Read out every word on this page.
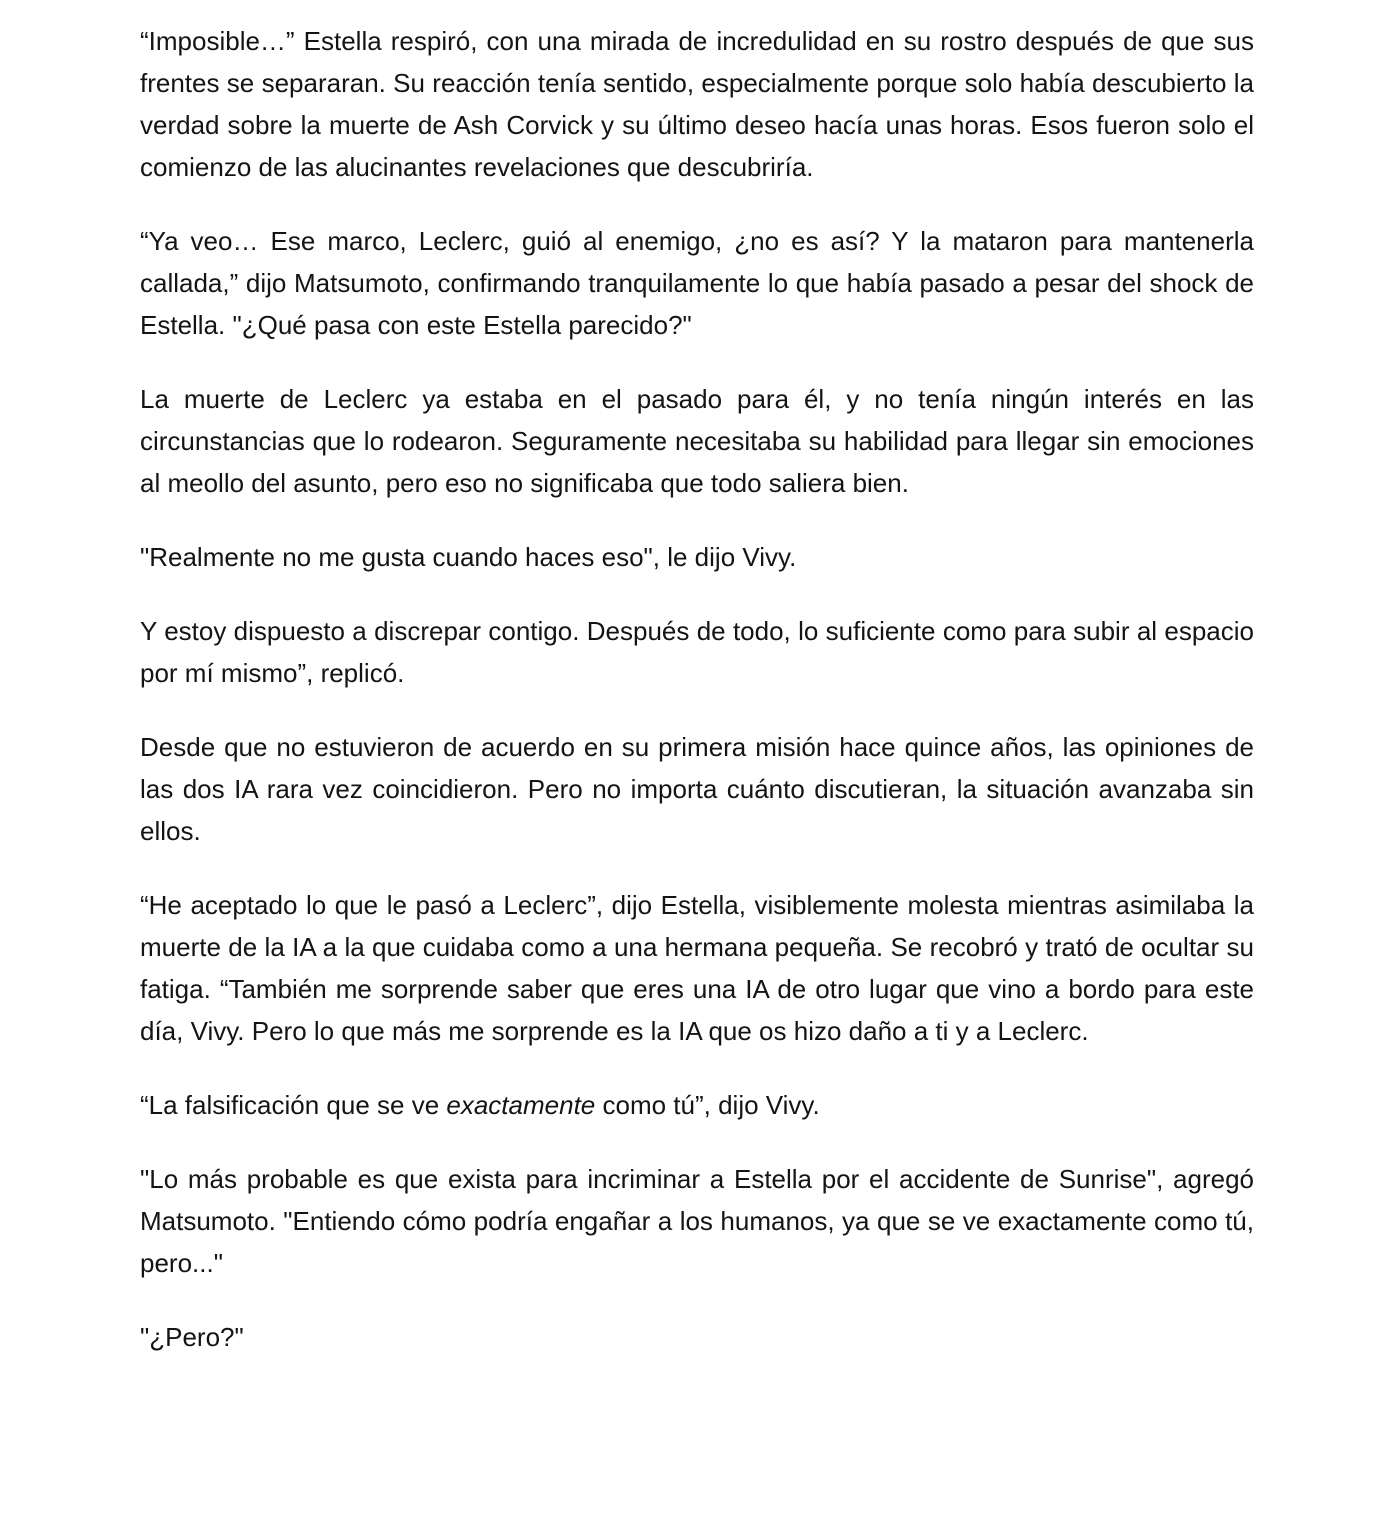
“Imposible…” Estella respiró, con una mirada de incredulidad en su rostro después de que sus frentes se separaran. Su reacción tenía sentido, especialmente porque solo había descubierto la verdad sobre la muerte de Ash Corvick y su último deseo hacía unas horas. Esos fueron solo el comienzo de las alucinantes revelaciones que descubriría.

“Ya veo… Ese marco, Leclerc, guió al enemigo, ¿no es así? Y la mataron para mantenerla callada,” dijo Matsumoto, confirmando tranquilamente lo que había pasado a pesar del shock de Estella. "¿Qué pasa con este Estella parecido?"

La muerte de Leclerc ya estaba en el pasado para él, y no tenía ningún interés en las circunstancias que lo rodearon. Seguramente necesitaba su habilidad para llegar sin emociones al meollo del asunto, pero eso no significaba que todo saliera bien.

"Realmente no me gusta cuando haces eso", le dijo Vivy.

Y estoy dispuesto a discrepar contigo. Después de todo, lo suficiente como para subir al espacio por mí mismo”, replicó.

Desde que no estuvieron de acuerdo en su primera misión hace quince años, las opiniones de las dos IA rara vez coincidieron. Pero no importa cuánto discutieran, la situación avanzaba sin ellos.

“He aceptado lo que le pasó a Leclerc”, dijo Estella, visiblemente molesta mientras asimilaba la muerte de la IA a la que cuidaba como a una hermana pequeña. Se recobró y trató de ocultar su fatiga. “También me sorprende saber que eres una IA de otro lugar que vino a bordo para este día, Vivy. Pero lo que más me sorprende es la IA que os hizo daño a ti y a Leclerc.

“La falsificación que se ve exactamente como tú”, dijo Vivy.

"Lo más probable es que exista para incriminar a Estella por el accidente de Sunrise", agregó Matsumoto. "Entiendo cómo podría engañar a los humanos, ya que se ve exactamente como tú, pero..."

"¿Pero?"
